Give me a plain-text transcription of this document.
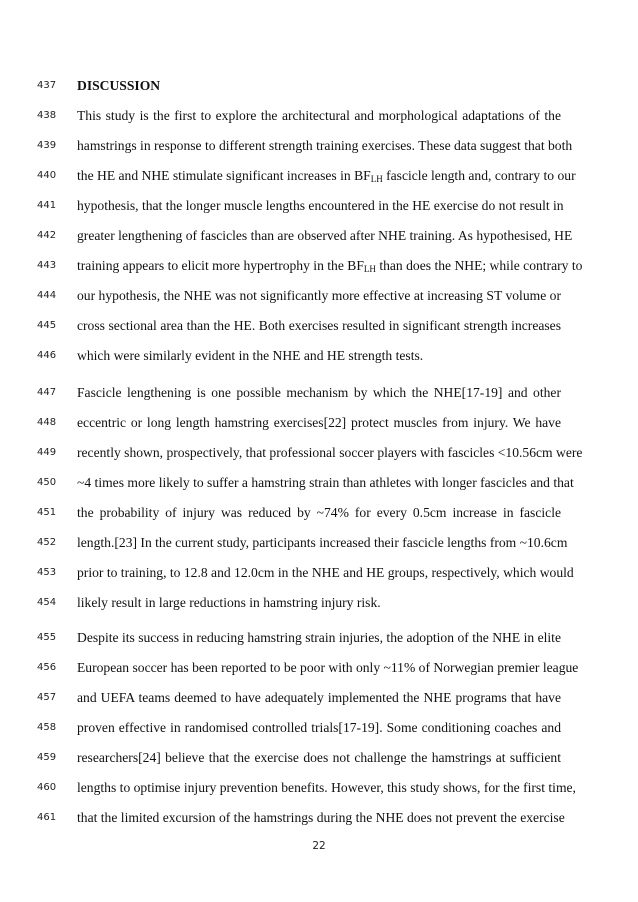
437 DISCUSSION
438 This study is the first to explore the architectural and morphological adaptations of the
439 hamstrings in response to different strength training exercises. These data suggest that both
440 the HE and NHE stimulate significant increases in $BF_{LH}$ fascicle length and, contrary to our
441 hypothesis, that the longer muscle lengths encountered in the HE exercise do not result in
442 greater lengthening of fascicles than are observed after NHE training. As hypothesised, HE
443 training appears to elicit more hypertrophy in the $BF_{LH}$ than does the NHE; while contrary to
444 our hypothesis, the NHE was not significantly more effective at increasing ST volume or
445 cross sectional area than the HE. Both exercises resulted in significant strength increases
446 which were similarly evident in the NHE and HE strength tests.
447 Fascicle lengthening is one possible mechanism by which the NHE[17-19] and other
448 eccentric or long length hamstring exercises[22] protect muscles from injury. We have
449 recently shown, prospectively, that professional soccer players with fascicles <10.56cm were
450 ~4 times more likely to suffer a hamstring strain than athletes with longer fascicles and that
451 the probability of injury was reduced by ~74% for every 0.5cm increase in fascicle
452 length.[23] In the current study, participants increased their fascicle lengths from ~10.6cm
453 prior to training, to 12.8 and 12.0cm in the NHE and HE groups, respectively, which would
454 likely result in large reductions in hamstring injury risk.
455 Despite its success in reducing hamstring strain injuries, the adoption of the NHE in elite
456 European soccer has been reported to be poor with only ~11% of Norwegian premier league
457 and UEFA teams deemed to have adequately implemented the NHE programs that have
458 proven effective in randomised controlled trials[17-19]. Some conditioning coaches and
459 researchers[24] believe that the exercise does not challenge the hamstrings at sufficient
460 lengths to optimise injury prevention benefits. However, this study shows, for the first time,
461 that the limited excursion of the hamstrings during the NHE does not prevent the exercise
22
